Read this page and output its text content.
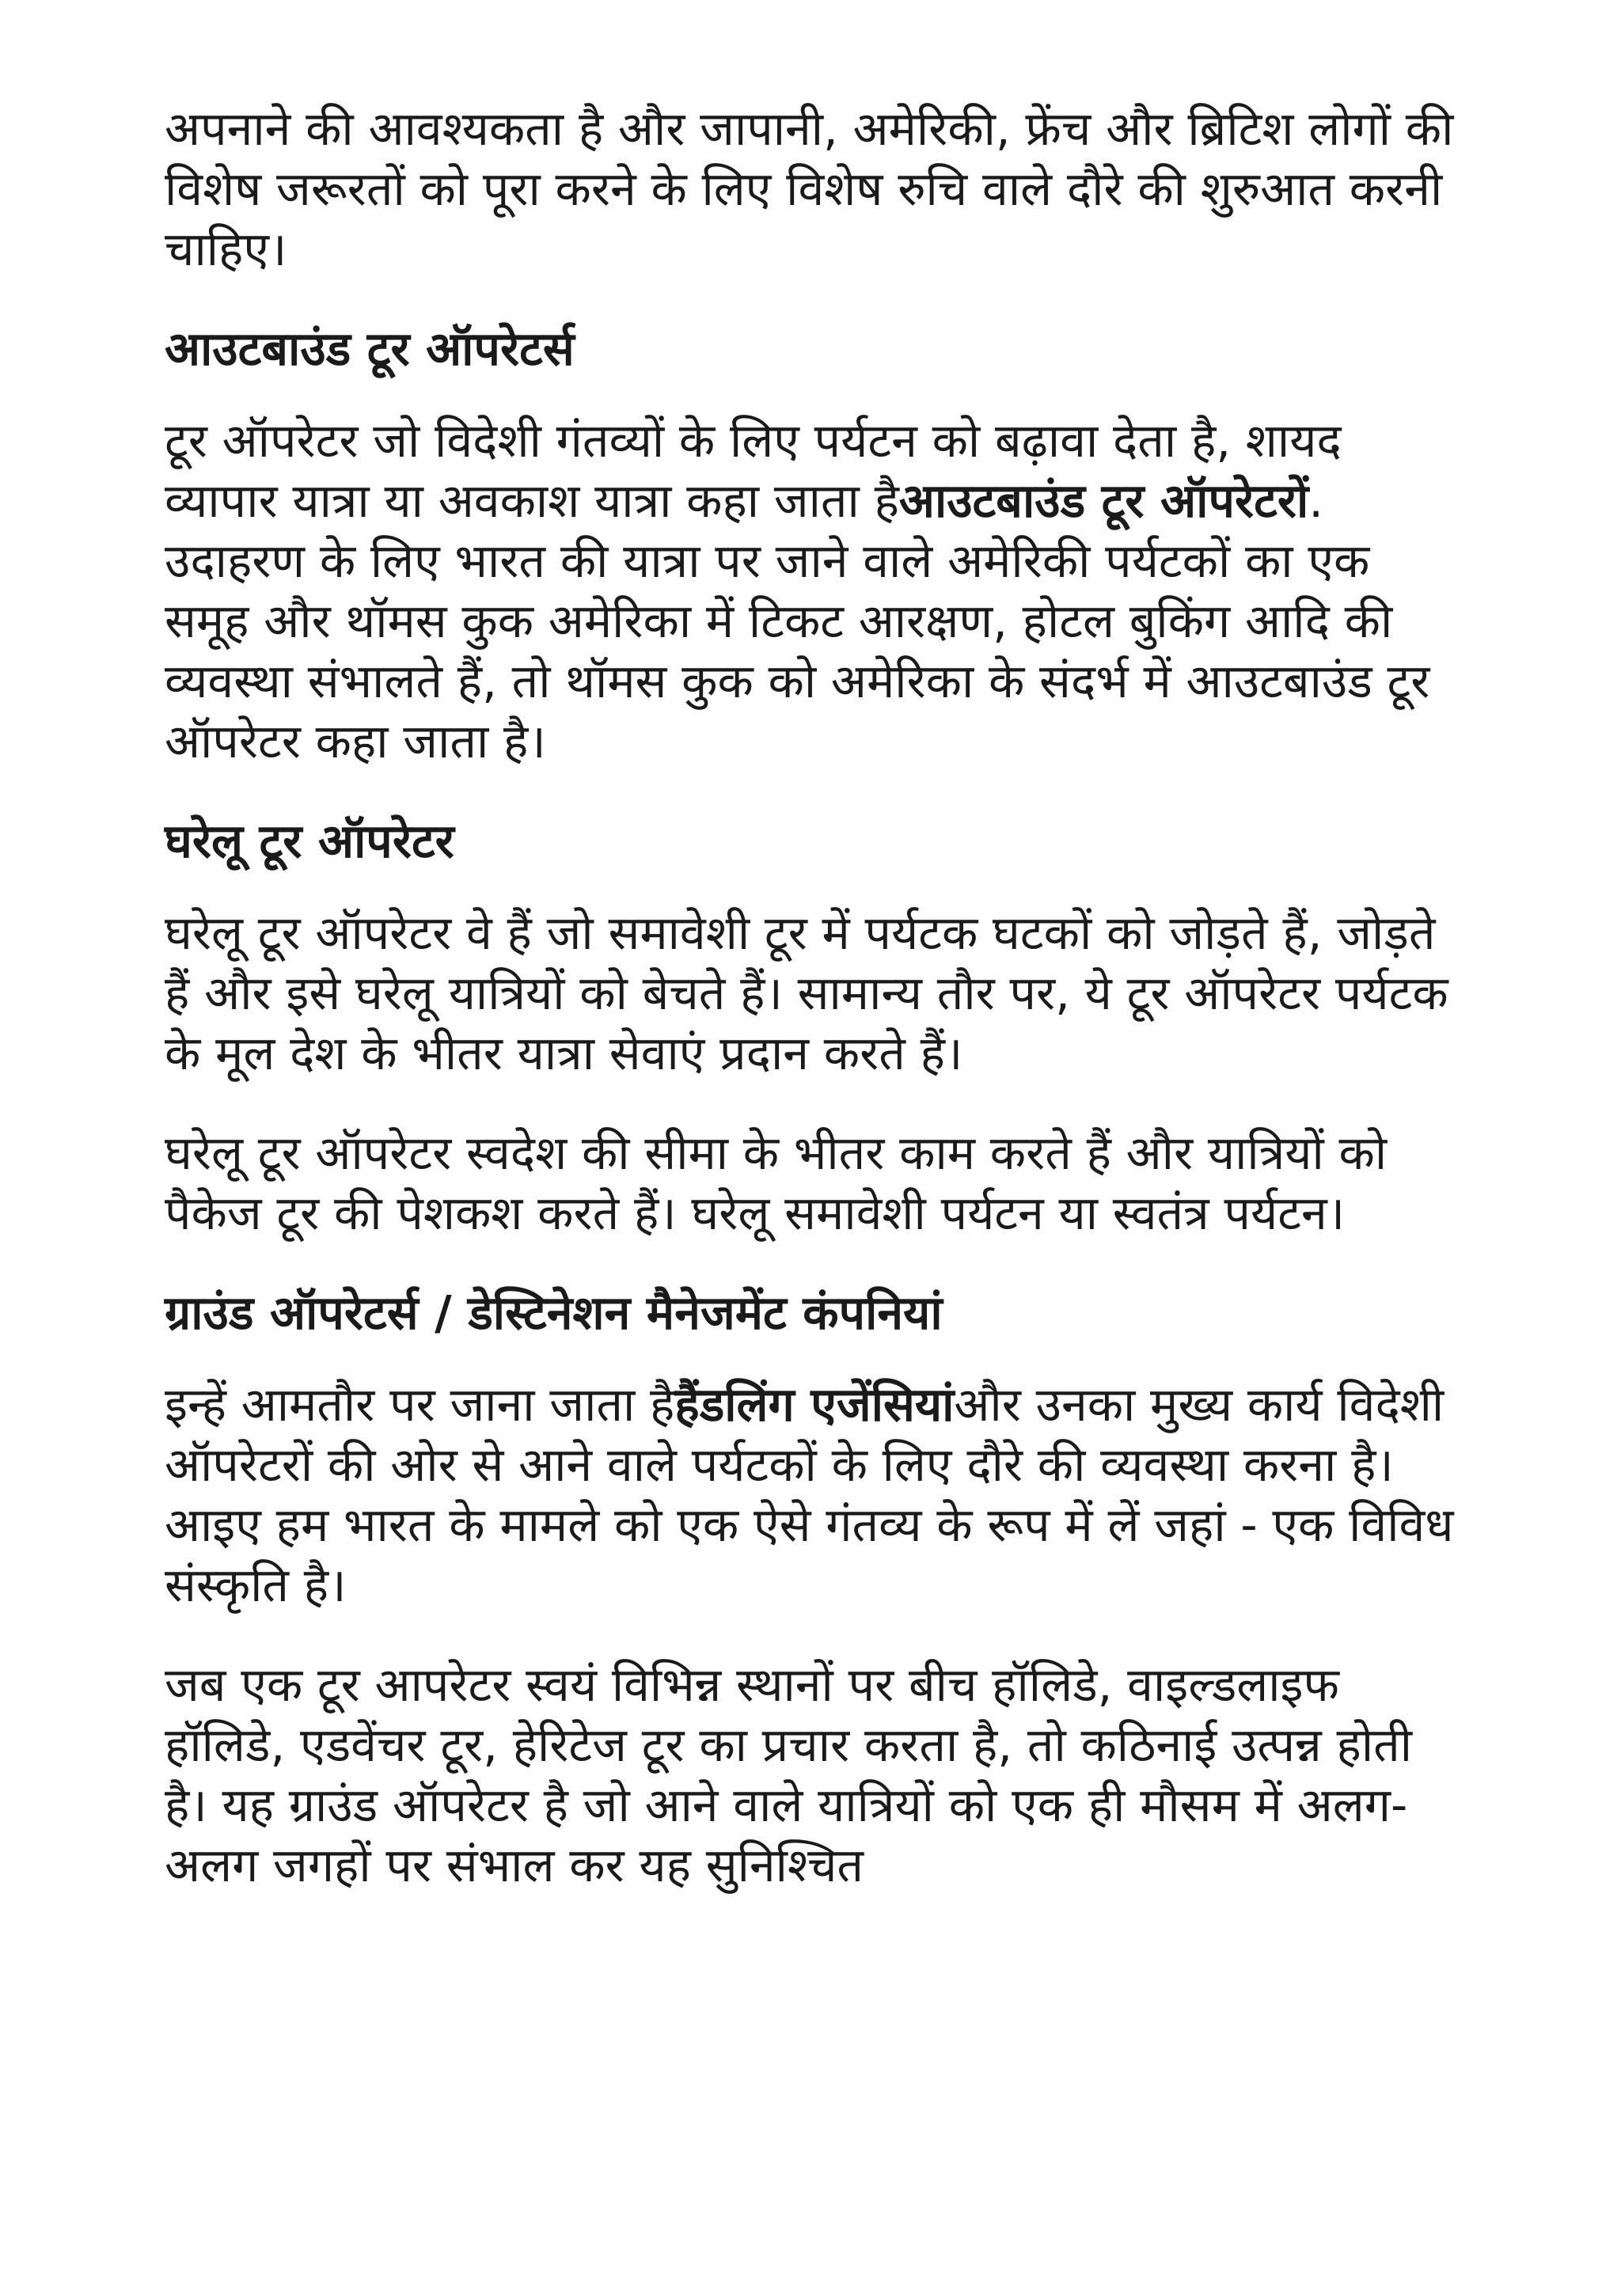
अपनाने की आवश्यकता है और जापानी, अमेरिकी, फ्रेंच और ब्रिटिश लोगों की विशेष जरूरतों को पूरा करने के लिए विशेष रुचि वाले दौरे की शुरुआत करनी चाहिए।

आउटबाउंड टूर ऑपरेटर्स

टूर ऑपरेटर जो विदेशी गंतव्यों के लिए पर्यटन को बढ़ावा देता है, शायद व्यापार यात्रा या अवकाश यात्रा कहा जाता हैआउटबाउंड टूर ऑपरेटरों. उदाहरण के लिए भारत की यात्रा पर जाने वाले अमेरिकी पर्यटकों का एक समूह और थॉमस कुक अमेरिका में टिकट आरक्षण, होटल बुकिंग आदि की व्यवस्था संभालते हैं, तो थॉमस कुक को अमेरिका के संदर्भ में आउटबाउंड टूर ऑपरेटर कहा जाता है।

घरेलू टूर ऑपरेटर

घरेलू टूर ऑपरेटर वे हैं जो समावेशी टूर में पर्यटक घटकों को जोड़ते हैं, जोड़ते हैं और इसे घरेलू यात्रियों को बेचते हैं। सामान्य तौर पर, ये टूर ऑपरेटर पर्यटक के मूल देश के भीतर यात्रा सेवाएं प्रदान करते हैं।

घरेलू टूर ऑपरेटर स्वदेश की सीमा के भीतर काम करते हैं और यात्रियों को पैकेज टूर की पेशकश करते हैं। घरेलू समावेशी पर्यटन या स्वतंत्र पर्यटन।

ग्राउंड ऑपरेटर्स / डेस्टिनेशन मैनेजमेंट कंपनियां

इन्हें आमतौर पर जाना जाता हैहैंडलिंग एजेंसियांऔर उनका मुख्य कार्य विदेशी ऑपरेटरों की ओर से आने वाले पर्यटकों के लिए दौरे की व्यवस्था करना है। आइए हम भारत के मामले को एक ऐसे गंतव्य के रूप में लें जहां - एक विविध संस्कृति है।

जब एक टूर आपरेटर स्वयं विभिन्न स्थानों पर बीच हॉलिडे, वाइल्डलाइफ हॉलिडे, एडवेंचर टूर, हेरिटेज टूर का प्रचार करता है, तो कठिनाई उत्पन्न होती है। यह ग्राउंड ऑपरेटर है जो आने वाले यात्रियों को एक ही मौसम में अलग-अलग जगहों पर संभाल कर यह सुनिश्चित
